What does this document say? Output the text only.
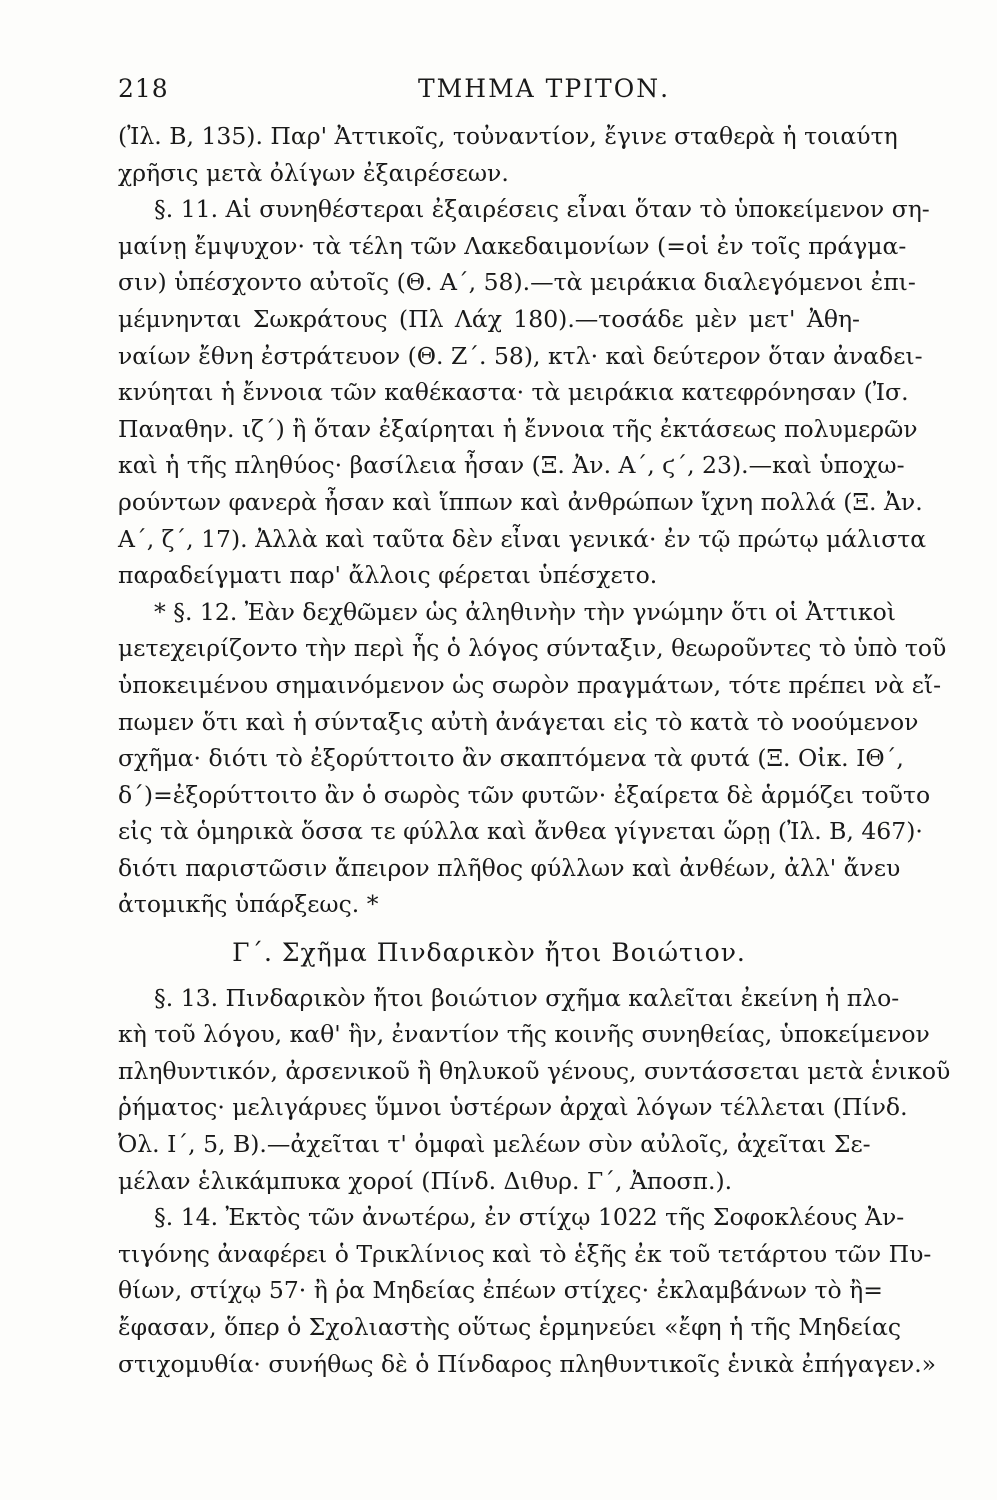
218	ΤΜΗΜΑ ΤΡΙΤΟΝ.

(Ἰλ. Β, 135). Παρ' Ἀττικοῖς, τοὐναντίον, ἔγινε σταθερὰ ἡ τοιαύτη
χρῆσις μετὰ ὀλίγων ἐξαιρέσεων.

§. 11. Αἱ συνηθέστεραι ἐξαιρέσεις εἶναι ὅταν τὸ ὑποκείμενον ση-
μαίνῃ ἔμψυχον· τὰ τέλη τῶν Λακεδαιμονίων (=οἱ ἐν τοῖς πράγμα-
σιν) ὑπέσχοντο αὐτοῖς (Θ. Α΄, 58).—τὰ μειράκια διαλεγόμενοι ἐπι-
μέμνηνται Σωκράτους (Πλ Λάχ 180).—τοσάδε μὲν μετ' Ἀθη-
ναίων ἔθνη ἐστράτευον (Θ. Ζ΄. 58), κτλ· καὶ δεύτερον ὅταν ἀναδει-
κνύηται ἡ ἔννοια τῶν καθέκαστα· τὰ μειράκια κατεφρόνησαν (Ἰσ.
Παναθην. ιζ΄) ἢ ὅταν ἐξαίρηται ἡ ἔννοια τῆς ἐκτάσεως πολυμερῶν
καὶ ἡ τῆς πληθύος· βασίλεια ἦσαν (Ξ. Ἀν. Α΄, ϛ΄, 23).—καὶ ὑποχω-
ρούντων φανερὰ ἦσαν καὶ ἵππων καὶ ἀνθρώπων ἴχνη πολλά (Ξ. Ἀν.
Α΄, ζ΄, 17). Ἀλλὰ καὶ ταῦτα δὲν εἶναι γενικά· ἐν τῷ πρώτῳ μάλιστα
παραδείγματι παρ' ἄλλοις φέρεται ὑπέσχετο.

* §. 12. Ἐὰν δεχθῶμεν ὡς ἀληθινὴν τὴν γνώμην ὅτι οἱ Ἀττικοὶ
μετεχειρίζοντο τὴν περὶ ἧς ὁ λόγος σύνταξιν, θεωροῦντες τὸ ὑπὸ τοῦ
ὑποκειμένου σημαινόμενον ὡς σωρὸν πραγμάτων, τότε πρέπει νὰ εἴ-
πωμεν ὅτι καὶ ἡ σύνταξις αὐτὴ ἀνάγεται εἰς τὸ κατὰ τὸ νοούμενον
σχῆμα· διότι τὸ ἐξορύττοιτο ἂν σκαπτόμενα τὰ φυτά (Ξ. Οἰκ. ΙΘ΄,
δ΄)=ἐξορύττοιτο ἂν ὁ σωρὸς τῶν φυτῶν· ἐξαίρετα δὲ ἁρμόζει τοῦτο
εἰς τὰ ὁμηρικὰ ὅσσα τε φύλλα καὶ ἄνθεα γίγνεται ὥρῃ (Ἰλ. Β, 467)·
διότι παριστῶσιν ἄπειρον πλῆθος φύλλων καὶ ἀνθέων, ἀλλ' ἄνευ
ἀτομικῆς ὑπάρξεως. *

Γ΄. Σχῆμα Πινδαρικὸν ἤτοι Βοιώτιον.

§. 13. Πινδαρικὸν ἤτοι βοιώτιον σχῆμα καλεῖται ἐκείνη ἡ πλο-
κὴ τοῦ λόγου, καθ' ἣν, ἐναντίον τῆς κοινῆς συνηθείας, ὑποκείμενον
πληθυντικόν, ἀρσενικοῦ ἢ θηλυκοῦ γένους, συντάσσεται μετὰ ἑνικοῦ
ῥήματος· μελιγάρυες ὕμνοι ὑστέρων ἀρχαὶ λόγων τέλλεται (Πίνδ.
Ὀλ. Ι΄, 5, Β).—ἀχεῖται τ' ὀμφαὶ μελέων σὺν αὐλοῖς, ἀχεῖται Σε-
μέλαν ἑλικάμπυκα χοροί (Πίνδ. Διθυρ. Γ΄, Ἀποσπ.).

§. 14. Ἐκτὸς τῶν ἀνωτέρω, ἐν στίχῳ 1022 τῆς Σοφοκλέους Ἀν-
τιγόνης ἀναφέρει ὁ Τρικλίνιος καὶ τὸ ἑξῆς ἐκ τοῦ τετάρτου τῶν Πυ-
θίων, στίχῳ 57· ἢ ῥα Μηδείας ἐπέων στίχες· ἐκλαμβάνων τὸ ἢ=
ἔφασαν, ὅπερ ὁ Σχολιαστὴς οὕτως ἑρμηνεύει «ἔφη ἡ τῆς Μηδείας
στιχομυθία· συνήθως δὲ ὁ Πίνδαρος πληθυντικοῖς ἑνικὰ ἐπήγαγεν.»
